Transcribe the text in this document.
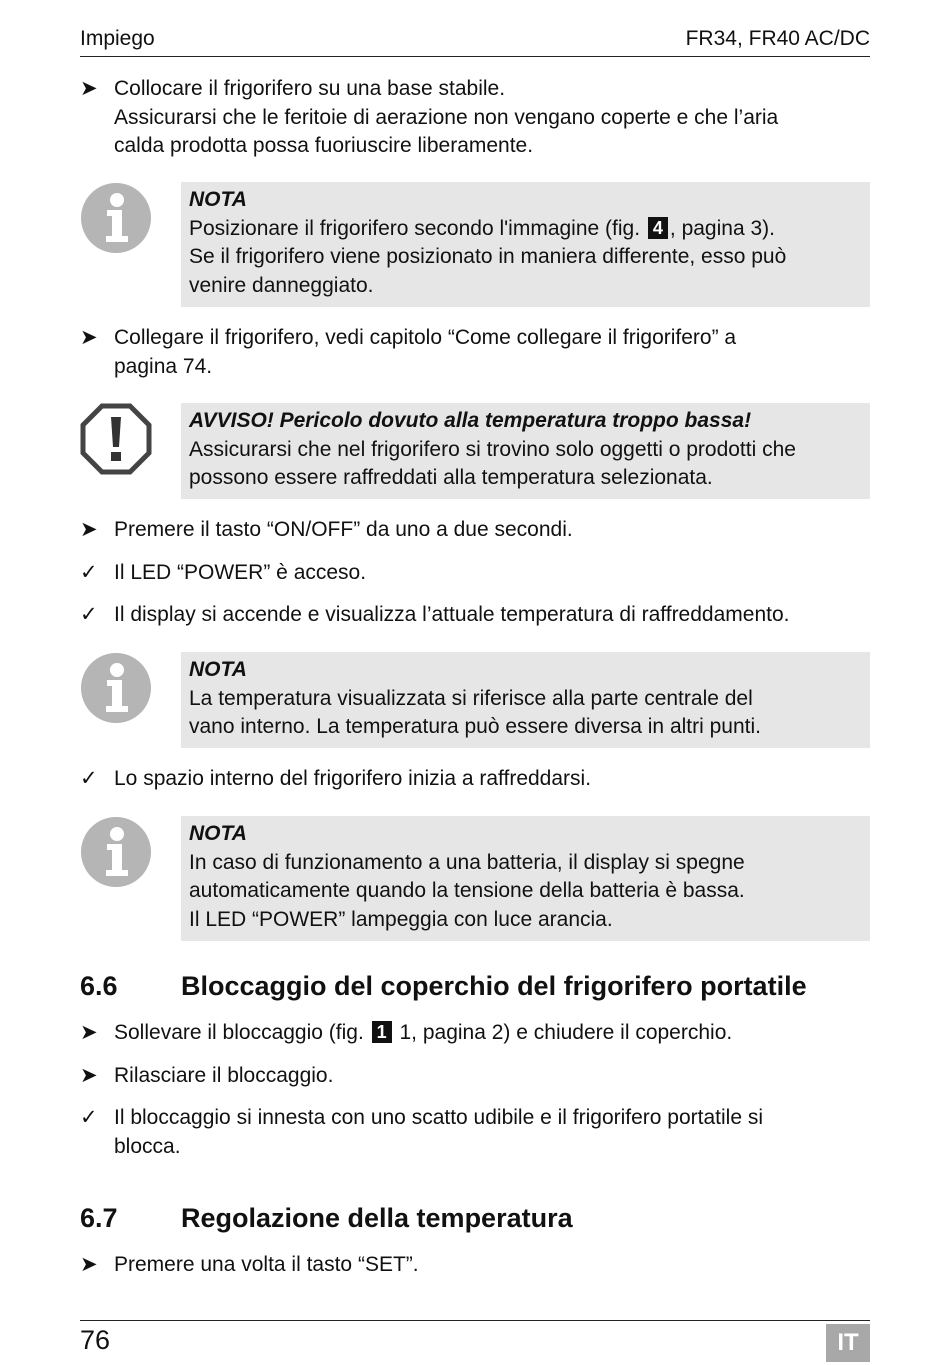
Impiego	FR34, FR40 AC/DC
➤ Collocare il frigorifero su una base stabile.
Assicurarsi che le feritoie di aerazione non vengano coperte e che l’aria
calda prodotta possa fuoriuscire liberamente.
NOTA
Posizionare il frigorifero secondo l'immagine (fig. 4 , pagina 3).
Se il frigorifero viene posizionato in maniera differente, esso può
venire danneggiato.
➤ Collegare il frigorifero, vedi capitolo “Come collegare il frigorifero” a
pagina 74.
AVVISO! Pericolo dovuto alla temperatura troppo bassa!
Assicurarsi che nel frigorifero si trovino solo oggetti o prodotti che
possono essere raffreddati alla temperatura selezionata.
➤ Premere il tasto “ON/OFF” da uno a due secondi.
✓ Il LED “POWER” è acceso.
✓ Il display si accende e visualizza l’attuale temperatura di raffreddamento.
NOTA
La temperatura visualizzata si riferisce alla parte centrale del
vano interno. La temperatura può essere diversa in altri punti.
✓ Lo spazio interno del frigorifero inizia a raffreddarsi.
NOTA
In caso di funzionamento a una batteria, il display si spegne
automaticamente quando la tensione della batteria è bassa.
Il LED “POWER” lampeggia con luce arancia.
6.6 Bloccaggio del coperchio del frigorifero portatile
➤ Sollevare il bloccaggio (fig. 1 1, pagina 2) e chiudere il coperchio.
➤ Rilasciare il bloccaggio.
✓ Il bloccaggio si innesta con uno scatto udibile e il frigorifero portatile si
blocca.
6.7 Regolazione della temperatura
➤ Premere una volta il tasto “SET”.
76	IT
